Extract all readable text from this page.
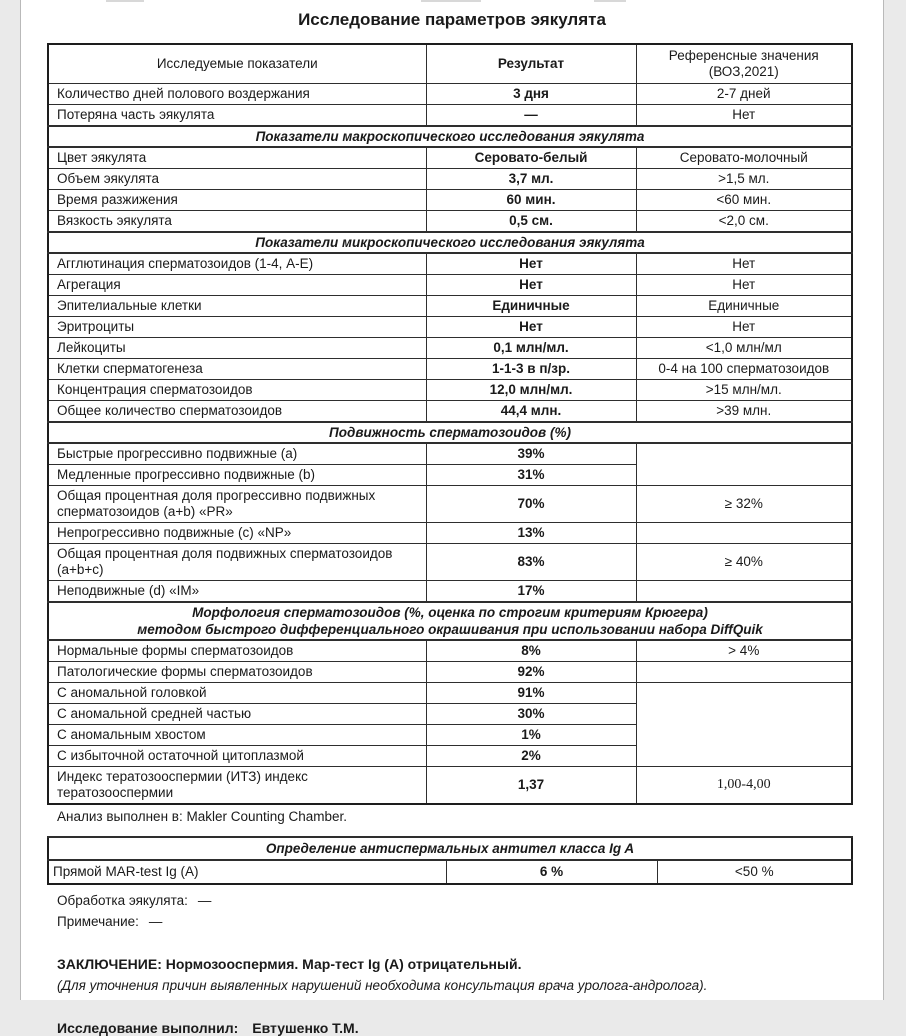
Исследование параметров эякулята
Исследуемые показатели	Результат	Референсные значения
(ВОЗ,2021)

Количество дней полового воздержания	3 дня	2-7 дней
Потеряна часть эякулята	—	Нет

Показатели макроскопического исследования эякулята		

Цвет эякулята	Серовато-белый	Серовато-молочный
Объем эякулята	3,7 мл.	>1,5 мл.
Время разжижения	60 мин.	<60 мин.
Вязкость эякулята	0,5 см.	<2,0 см.

Показатели микроскопического исследования эякулята		

Агглютинация сперматозоидов (1-4, А-Е)	Нет	Нет
Агрегация	Нет	Нет
Эпителиальные клетки	Единичные	Единичные
Эритроциты	Нет	Нет
Лейкоциты	0,1 млн/мл.	<1,0 млн/мл
Клетки сперматогенеза	1-1-3 в п/зр.	0-4 на 100 сперматозоидов
Концентрация сперматозоидов	12,0 млн/мл.	>15 млн/мл.
Общее количество сперматозоидов	44,4 млн.	>39 млн.

Подвижность сперматозоидов (%)		

Быстрые прогрессивно подвижные (a)	39%	
Медленные прогрессивно подвижные (b)	31%	
Общая процентная доля прогрессивно подвижных сперматозоидов (a+b) «PR»	70%	≥ 32%
Непрогрессивно подвижные (c) «NP»	13%	
Общая процентная доля подвижных сперматозоидов (a+b+c)	83%	≥ 40%
Неподвижные (d) «IM»	17%	

Морфология сперматозоидов (%, оценка по строгим критериям Крюгера)
методом быстрого дифференциального окрашивания при использовании набора DiffQuik		

Нормальные формы сперматозоидов	8%	> 4%
Патологические формы сперматозоидов	92%	
С аномальной головкой	91%	
С аномальной средней частью	30%	
С аномальным хвостом	1%	
С избыточной остаточной цитоплазмой	2%	
Индекс тератозооспермии (ИТЗ) индекс тератозооспермии	1,37	1,00-4,00
Анализ выполнен в: Makler Counting Chamber.
Определение антиспермальных антител класса Ig A

Прямой MAR-test Ig (A)	6 %	<50 %
Обработка эякулята: —
Примечание: —
ЗАКЛЮЧЕНИЕ: Нормозооспермия. Мар-тест Ig (А) отрицательный.
(Для уточнения причин выявленных нарушений необходима консультация врача уролога-андролога).
Исследование выполнил: Евтушенко Т.М.
